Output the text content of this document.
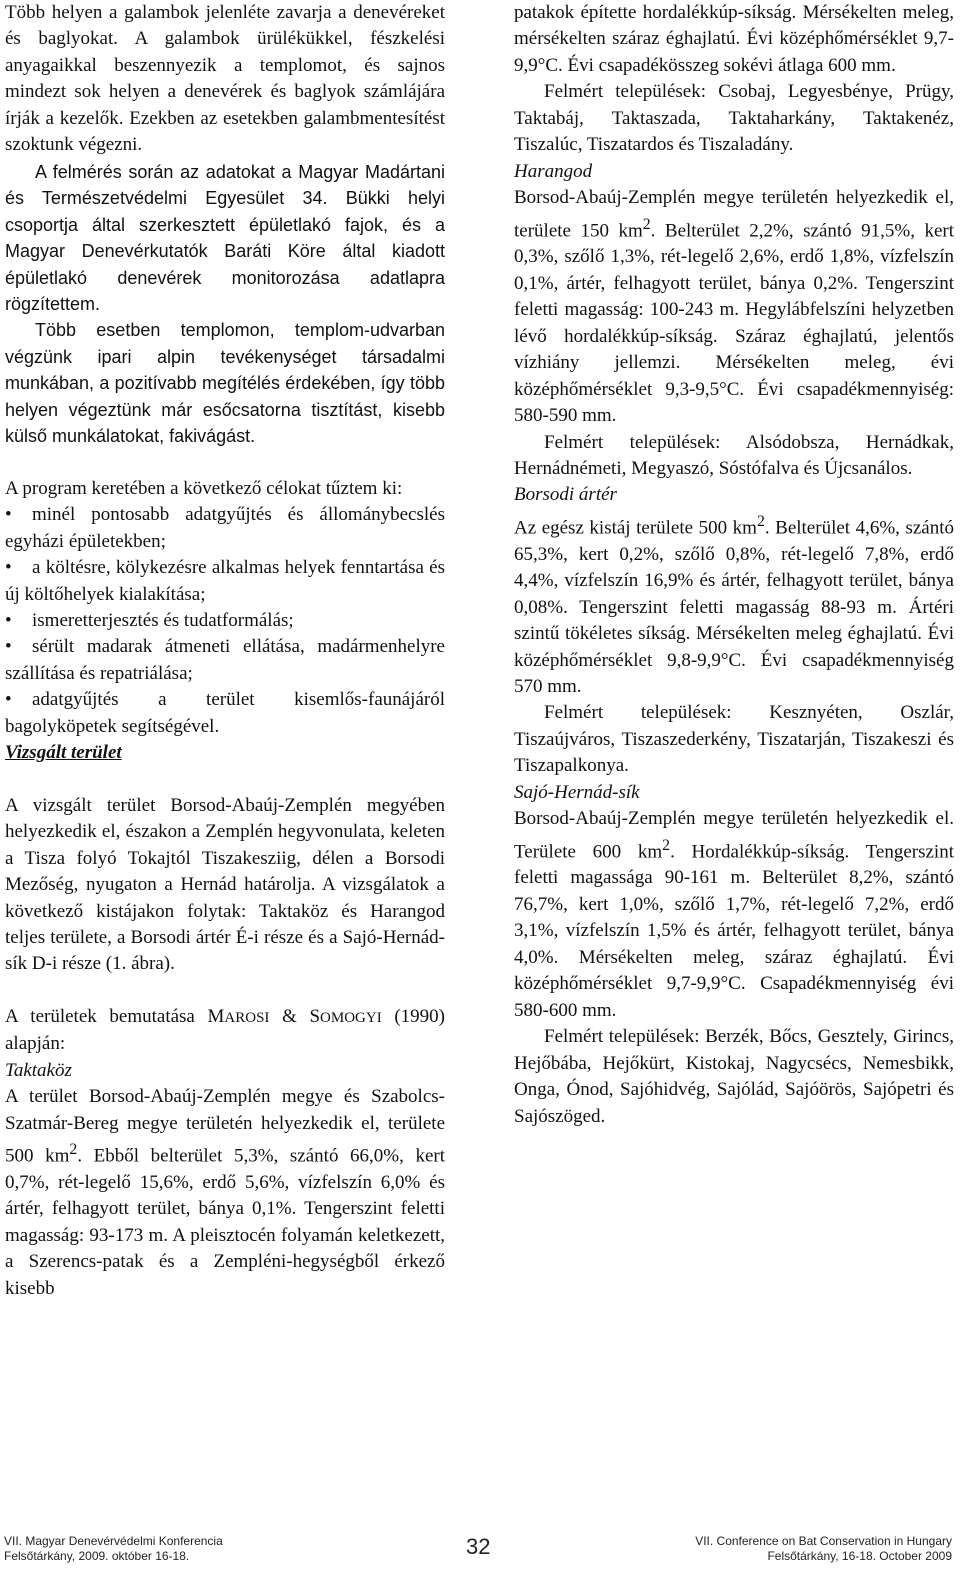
Több helyen a galambok jelenléte zavarja a denevéreket és baglyokat. A galambok ürülékükkel, fészkelési anyagaikkal beszennyezik a templomot, és sajnos mindezt sok helyen a denevérek és baglyok számlájára írják a kezelők. Ezekben az esetekben galambmentesítést szoktunk végezni.

A felmérés során az adatokat a Magyar Madártani és Természetvédelmi Egyesület 34. Bükki helyi csoportja által szerkesztett épületlakó fajok, és a Magyar Denevérkutatók Baráti Köre által kiadott épületlakó denevérek monitorozása adatlapra rögzítettem.

Több esetben templomon, templom-udvarban végzünk ipari alpin tevékenységet társadalmi munkában, a pozitívabb megítélés érdekében, így több helyen végeztünk már esőcsatorna tisztítást, kisebb külső munkálatokat, fakivágást.

A program keretében a következő célokat tűztem ki:

• minél pontosabb adatgyűjtés és állománybecslés egyházi épületekben;
• a költésre, kölykezésre alkalmas helyek fenntartása és új költőhelyek kialakítása;
• ismeretterjesztés és tudatformálás;
• sérült madarak átmeneti ellátása, madármenhelyre szállítása és repatriálása;
• adatgyűjtés a terület kisemlős-faunájáról bagolyköpetek segítségével.

Vizsgált terület

A vizsgált terület Borsod-Abaúj-Zemplén megyében helyezkedik el, északon a Zemplén hegyvonulata, keleten a Tisza folyó Tokajtól Tiszakesziig, délen a Borsodi Mezőség, nyugaton a Hernád határolja. A vizsgálatok a következő kistájakon folytak: Taktaköz és Harangod teljes területe, a Borsodi ártér É-i része és a Sajó-Hernád-sík D-i része (1. ábra).

A területek bemutatása MAROSI & SOMOGYI (1990) alapján:

Taktaköz

A terület Borsod-Abaúj-Zemplén megye és Szabolcs-Szatmár-Bereg megye területén helyezkedik el, területe 500 $km^2$. Ebből belterület 5,3%, szántó 66,0%, kert 0,7%, rét-legelő 15,6%, erdő 5,6%, vízfelszín 6,0% és ártér, felhagyott terület, bánya 0,1%. Tengerszint feletti magasság: 93-173 m. A pleisztocén folyamán keletkezett, a Szerencs-patak és a Zempléni-hegységből érkező kisebb

patakok építette hordalékkúp-síkság. Mérsékelten meleg, mérsékelten száraz éghajlatú. Évi középhőmérséklet 9,7-9,9°C. Évi csapadékösszeg sokévi átlaga 600 mm.

Felmért települések: Csobaj, Legyesbénye, Prügy, Taktabáj, Taktaszada, Taktaharkány, Taktakenéz, Tiszalúc, Tiszatardos és Tiszaladány.

Harangod

Borsod-Abaúj-Zemplén megye területén helyezkedik el, területe 150 $km^2$. Belterület 2,2%, szántó 91,5%, kert 0,3%, szőlő 1,3%, rét-legelő 2,6%, erdő 1,8%, vízfelszín 0,1%, ártér, felhagyott terület, bánya 0,2%. Tengerszint feletti magasság: 100-243 m. Hegylábfelszíni helyzetben lévő hordalékkúp-síkság. Száraz éghajlatú, jelentős vízhiány jellemzi. Mérsékelten meleg, évi középhőmérséklet 9,3-9,5°C. Évi csapadékmennyiség: 580-590 mm.

Felmért települések: Alsódobsza, Hernádkak, Hernádnémeti, Megyaszó, Sóstófalva és Újcsanálos.

Borsodi ártér

Az egész kistáj területe 500 $km^2$. Belterület 4,6%, szántó 65,3%, kert 0,2%, szőlő 0,8%, rét-legelő 7,8%, erdő 4,4%, vízfelszín 16,9% és ártér, felhagyott terület, bánya 0,08%. Tengerszint feletti magasság 88-93 m. Ártéri szintű tökéletes síkság. Mérsékelten meleg éghajlatú. Évi középhőmérséklet 9,8-9,9°C. Évi csapadékmennyiség 570 mm.

Felmért települések: Kesznyéten, Oszlár, Tiszaújváros, Tiszaszederkény, Tiszatarján, Tiszakeszi és Tiszapalkonya.

Sajó-Hernád-sík

Borsod-Abaúj-Zemplén megye területén helyezkedik el. Területe 600 $km^2$. Hordalékkúp-síkság. Tengerszint feletti magassága 90-161 m. Belterület 8,2%, szántó 76,7%, kert 1,0%, szőlő 1,7%, rét-legelő 7,2%, erdő 3,1%, vízfelszín 1,5% és ártér, felhagyott terület, bánya 4,0%. Mérsékelten meleg, száraz éghajlatú. Évi középhőmérséklet 9,7-9,9°C. Csapadékmennyiség évi 580-600 mm.

Felmért települések: Berzék, Bőcs, Gesztely, Girincs, Hejőbába, Hejőkürt, Kistokaj, Nagycsécs, Nemesbikk, Onga, Ónod, Sajóhidvég, Sajólád, Sajóörös, Sajópetri és Sajószöged.

VII. Magyar Denevérvédelmi Konferencia
Felsőtárkány, 2009. október 16-18.	32	VII. Conference on Bat Conservation in Hungary
Felsőtárkány, 16-18. October 2009
